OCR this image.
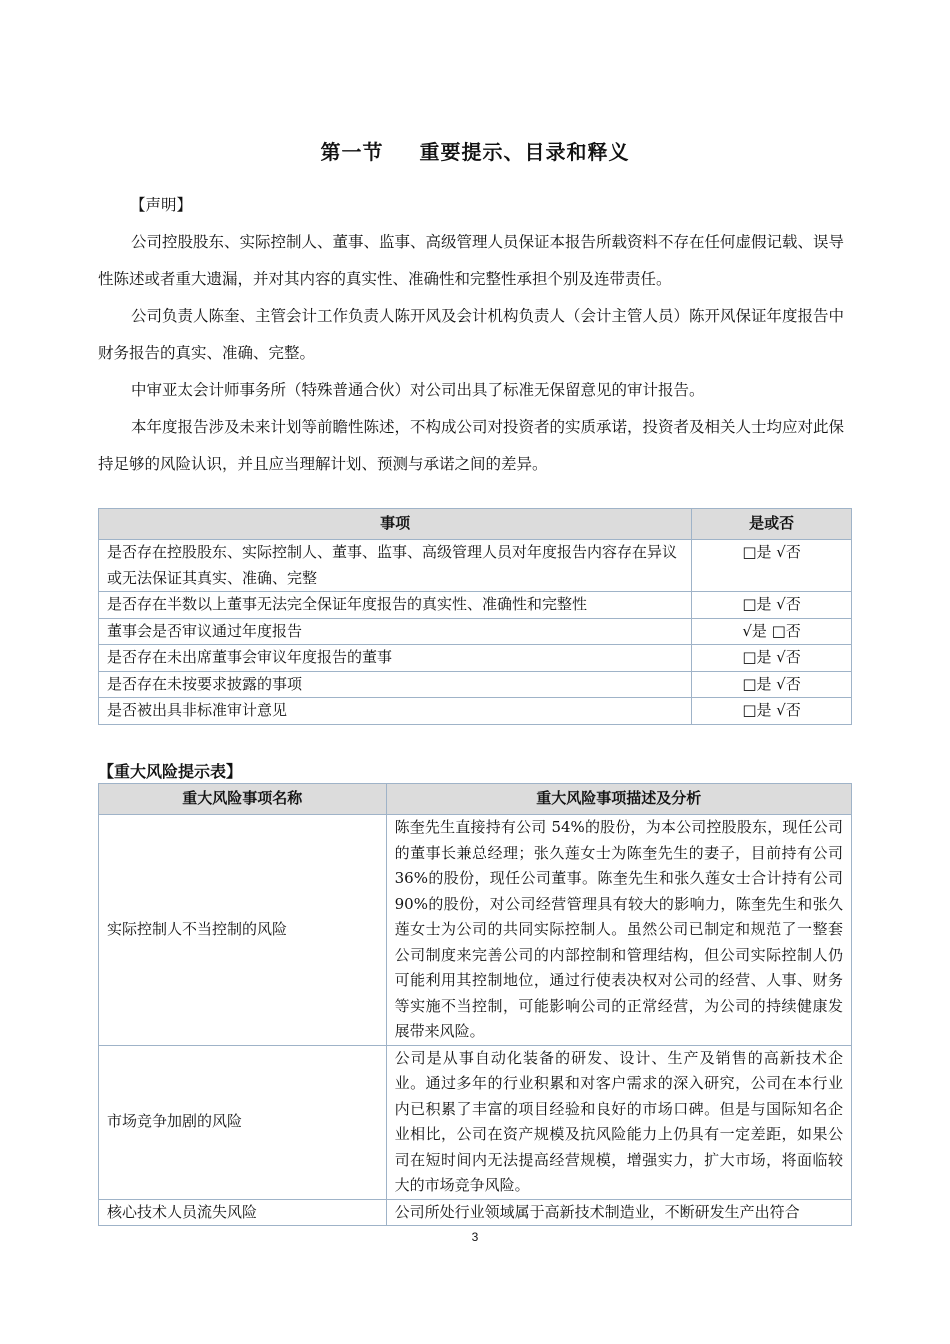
第一节 重要提示、目录和释义

【声明】

公司控股股东、实际控制人、董事、监事、高级管理人员保证本报告所载资料不存在任何虚假记载、误导性陈述或者重大遗漏，并对其内容的真实性、准确性和完整性承担个别及连带责任。

公司负责人陈奎、主管会计工作负责人陈开风及会计机构负责人（会计主管人员）陈开风保证年度报告中财务报告的真实、准确、完整。

中审亚太会计师事务所（特殊普通合伙）对公司出具了标准无保留意见的审计报告。

本年度报告涉及未来计划等前瞻性陈述，不构成公司对投资者的实质承诺，投资者及相关人士均应对此保持足够的风险认识，并且应当理解计划、预测与承诺之间的差异。

事项	是或否
是否存在控股股东、实际控制人、董事、监事、高级管理人员对年度报告内容存在异议或无法保证其真实、准确、完整	□是 √否
是否存在半数以上董事无法完全保证年度报告的真实性、准确性和完整性	□是 √否
董事会是否审议通过年度报告	√是 □否
是否存在未出席董事会审议年度报告的董事	□是 √否
是否存在未按要求披露的事项	□是 √否
是否被出具非标准审计意见	□是 √否
【重大风险提示表】
重大风险事项名称	重大风险事项描述及分析
实际控制人不当控制的风险	陈奎先生直接持有公司 54%的股份，为本公司控股股东，现任公司的董事长兼总经理；张久莲女士为陈奎先生的妻子，目前持有公司 36%的股份，现任公司董事。陈奎先生和张久莲女士合计持有公司 90%的股份，对公司经营管理具有较大的影响力，陈奎先生和张久莲女士为公司的共同实际控制人。虽然公司已制定和规范了一整套公司制度来完善公司的内部控制和管理结构，但公司实际控制人仍可能利用其控制地位，通过行使表决权对公司的经营、人事、财务等实施不当控制，可能影响公司的正常经营，为公司的持续健康发展带来风险。
市场竞争加剧的风险	公司是从事自动化装备的研发、设计、生产及销售的高新技术企业。通过多年的行业积累和对客户需求的深入研究，公司在本行业内已积累了丰富的项目经验和良好的市场口碑。但是与国际知名企业相比，公司在资产规模及抗风险能力上仍具有一定差距，如果公司在短时间内无法提高经营规模，增强实力，扩大市场，将面临较大的市场竞争风险。
核心技术人员流失风险	公司所处行业领域属于高新技术制造业，不断研发生产出符合
3
